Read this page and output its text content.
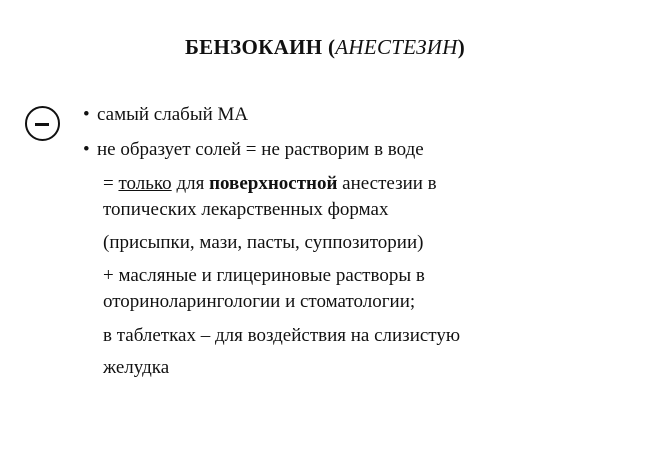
БЕНЗОКАИН (АНЕСТЕЗИН)
• самый слабый МА
• не образует солей = не растворим в воде
= только для поверхностной анестезии в
топических лекарственных формах
(присыпки, мази, пасты, суппозитории)
+ масляные и глицериновые растворы в
оториноларингологии и стоматологии;
в таблетках – для воздействия на слизистую
желудка
